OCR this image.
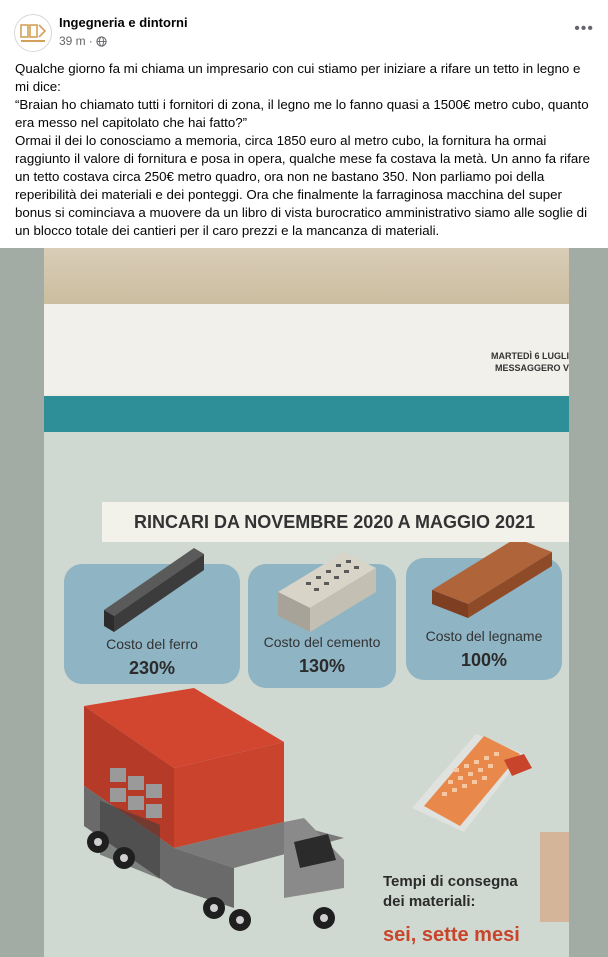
Ingegneria e dintorni
39 m ·
•••

Qualche giorno fa mi chiama un impresario con cui stiamo per iniziare a rifare un tetto in legno e mi dice:

“Braian ho chiamato tutti i fornitori di zona, il legno me lo fanno quasi a 1500€ metro cubo, quanto era messo nel capitolato che hai fatto?”

Ormai il dei lo conosciamo a memoria, circa 1850 euro al metro cubo, la fornitura ha ormai raggiunto il valore di fornitura e posa in opera, qualche mese fa costava la metà. Un anno fa rifare un tetto costava circa 250€ metro quadro, ora non ne bastano 350. Non parliamo poi della reperibilità dei materiali e dei ponteggi. Ora che finalmente la farraginosa macchina del super bonus si cominciava a muovere da un libro di vista burocratico amministrativo siamo alle soglie di un blocco totale dei cantieri per il caro prezzi e la mancanza di materiali.

MARTEDÌ 6 LUGLI
MESSAGGERO V
RINCARI DA NOVEMBRE 2020 A MAGGIO 2021
Costo del ferro
230%
Costo del cemento
130%
Costo del legname
100%
Tempi di consegna
dei materiali:
sei, sette mesi
